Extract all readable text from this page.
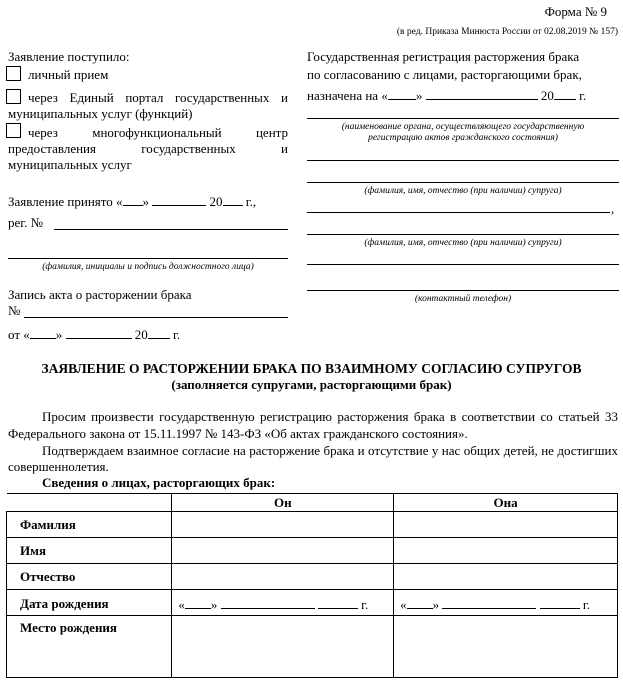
Форма № 9
(в ред. Приказа Минюста России от 02.08.2019 № 157)
Заявление поступило:
личный прием
через Единый портал государственных и муниципальных услуг (функций)
через многофункциональный центр предоставления государственных и муниципальных услуг
Заявление принято « »	20 г.,
рег. №
(фамилия, инициалы и подпись должностного лица)
Запись акта о расторжении брака
№
от « »	20 г.
Государственная регистрация расторжения брака
по согласованию с лицами, расторгающими брак,
назначена на « »	20 г.
(наименование органа, осуществляющего государственную регистрацию актов гражданского состояния)
(фамилия, имя, отчество (при наличии) супруга)
,
(фамилия, имя, отчество (при наличии) супруги)
(контактный телефон)
ЗАЯВЛЕНИЕ О РАСТОРЖЕНИИ БРАКА ПО ВЗАИМНОМУ СОГЛАСИЮ СУПРУГОВ
(заполняется супругами, расторгающими брак)
Просим произвести государственную регистрацию расторжения брака в соответствии со статьей 33 Федерального закона от 15.11.1997 № 143-ФЗ «Об актах гражданского состояния».
Подтверждаем взаимное согласие на расторжение брака и отсутствие у нас общих детей, не достигших совершеннолетия.
Сведения о лицах, расторгающих брак:
	Он	Она
Фамилия		
Имя		
Отчество		
Дата рождения	« » г.	« » г.
Место рождения		
